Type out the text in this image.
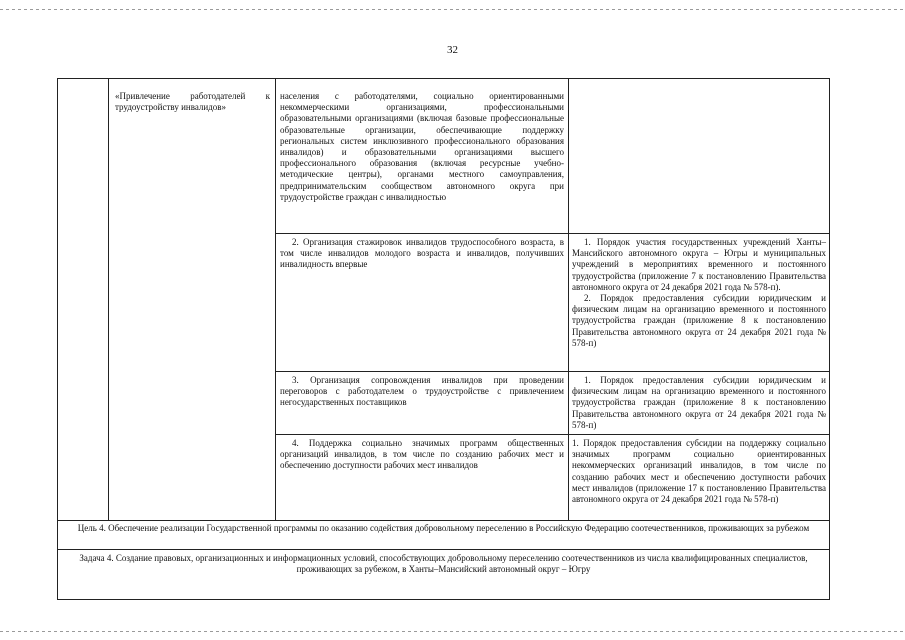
32

«Привлечение работодателей к трудоустройству инвалидов»

населения с работодателями, социально ориентированными некоммерческими организациями, профессиональными образовательными организациями (включая базовые профессиональные образовательные организации, обеспечивающие поддержку региональных систем инклюзивного профессионального образования инвалидов) и образовательными организациями высшего профессионального образования (включая ресурсные учебно-методические центры), органами местного самоуправления, предпринимательским сообществом автономного округа при трудоустройстве граждан с инвалидностью

2. Организация стажировок инвалидов трудоспособного возраста, в том числе инвалидов молодого возраста и инвалидов, получивших инвалидность впервые

1. Порядок участия государственных учреждений Ханты–Мансийского автономного округа – Югры и муниципальных учреждений в мероприятиях временного и постоянного трудоустройства (приложение 7 к постановлению Правительства автономного округа от 24 декабря 2021 года № 578-п).

2. Порядок предоставления субсидии юридическим и физическим лицам на организацию временного и постоянного трудоустройства граждан (приложение 8 к постановлению Правительства автономного округа от 24 декабря 2021 года № 578-п)

3. Организация сопровождения инвалидов при проведении переговоров с работодателем о трудоустройстве с привлечением негосударственных поставщиков

1. Порядок предоставления субсидии юридическим и физическим лицам на организацию временного и постоянного трудоустройства граждан (приложение 8 к постановлению Правительства автономного округа от 24 декабря 2021 года № 578-п)

4. Поддержка социально значимых программ общественных организаций инвалидов, в том числе по созданию рабочих мест и обеспечению доступности рабочих мест инвалидов

1. Порядок предоставления субсидии на поддержку социально значимых программ социально ориентированных некоммерческих организаций инвалидов, в том числе по созданию рабочих мест и обеспечению доступности рабочих мест инвалидов (приложение 17 к постановлению Правительства автономного округа от 24 декабря 2021 года № 578-п)

Цель 4. Обеспечение реализации Государственной программы по оказанию содействия добровольному переселению в Российскую Федерацию соотечественников, проживающих за рубежом

Задача 4. Создание правовых, организационных и информационных условий, способствующих добровольному переселению соотечественников из числа квалифицированных специалистов, проживающих за рубежом, в Ханты–Мансийский автономный округ – Югру
